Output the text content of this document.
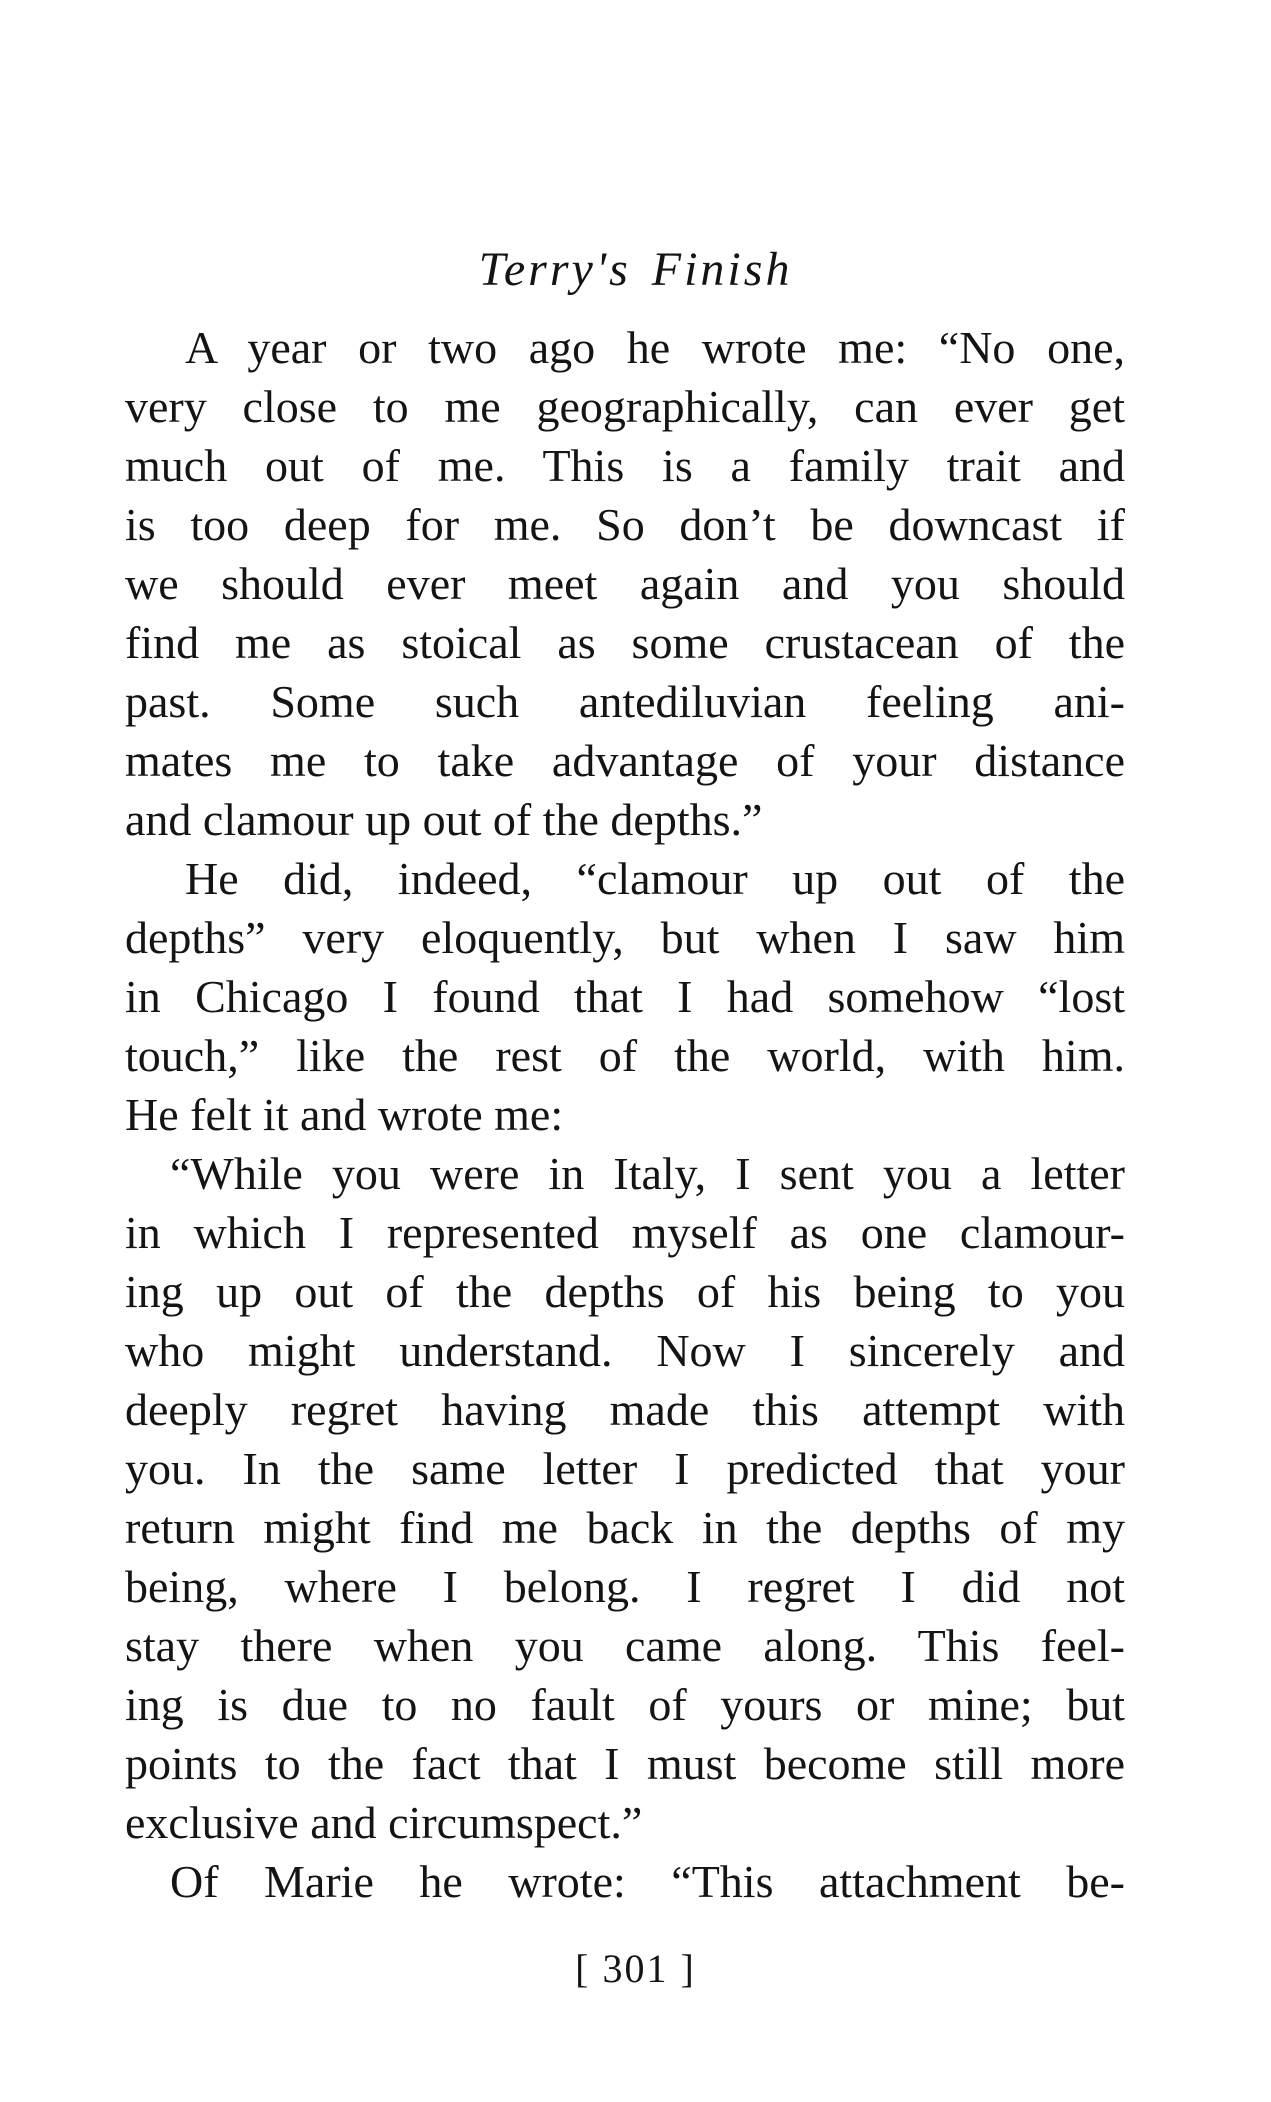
Terry's Finish
A year or two ago he wrote me: “No one,
very close to me geographically, can ever get
much out of me. This is a family trait and
is too deep for me. So don’t be downcast if
we should ever meet again and you should
find me as stoical as some crustacean of the
past. Some such antediluvian feeling ani-
mates me to take advantage of your distance
and clamour up out of the depths.”
He did, indeed, “clamour up out of the
depths” very eloquently, but when I saw him
in Chicago I found that I had somehow “lost
touch,” like the rest of the world, with him.
He felt it and wrote me:
“While you were in Italy, I sent you a letter
in which I represented myself as one clamour-
ing up out of the depths of his being to you
who might understand. Now I sincerely and
deeply regret having made this attempt with
you. In the same letter I predicted that your
return might find me back in the depths of my
being, where I belong. I regret I did not
stay there when you came along. This feel-
ing is due to no fault of yours or mine; but
points to the fact that I must become still more
exclusive and circumspect.”
Of Marie he wrote: “This attachment be-
[ 301 ]
